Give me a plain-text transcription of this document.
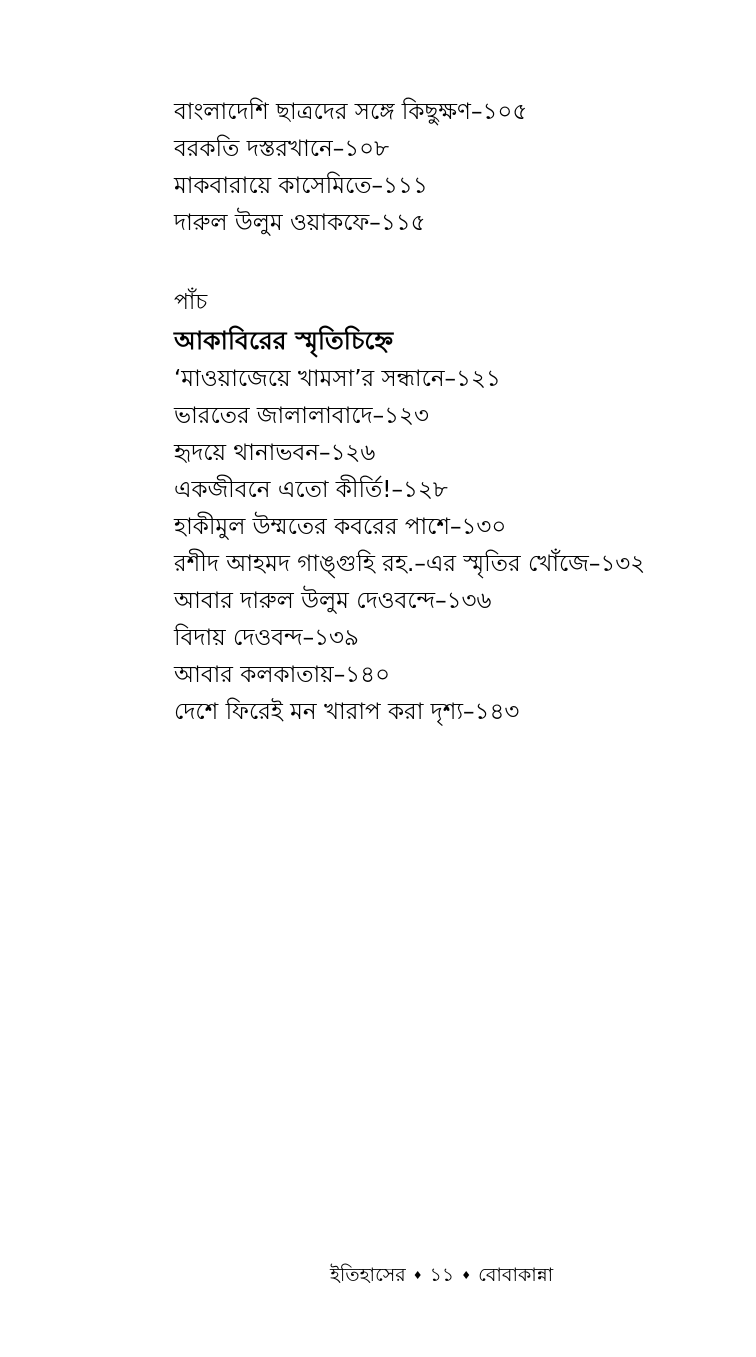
বাংলাদেশি ছাত্রদের সঙ্গে কিছুক্ষণ–১০৫
বরকতি দস্তরখানে–১০৮
মাকবারায়ে কাসেমিতে–১১১
দারুল উলুম ওয়াকফে–১১৫
পাঁচ
আকাবিরের স্মৃতিচিহ্নে
‘মাওয়াজেয়ে খামসা’র সন্ধানে–১২১
ভারতের জালালাবাদে–১২৩
হৃদয়ে থানাভবন–১২৬
একজীবনে এতো কীর্তি!–১২৮
হাকীমুল উম্মতের কবরের পাশে–১৩০
রশীদ আহমদ গাঙ্গুহি রহ.–এর স্মৃতির খোঁজে–১৩২
আবার দারুল উলুম দেওবন্দে–১৩৬
বিদায় দেওবন্দ–১৩৯
আবার কলকাতায়–১৪০
দেশে ফিরেই মন খারাপ করা দৃশ্য–১৪৩
ইতিহাসের ♦ ১১ ♦ বোবাকান্না
